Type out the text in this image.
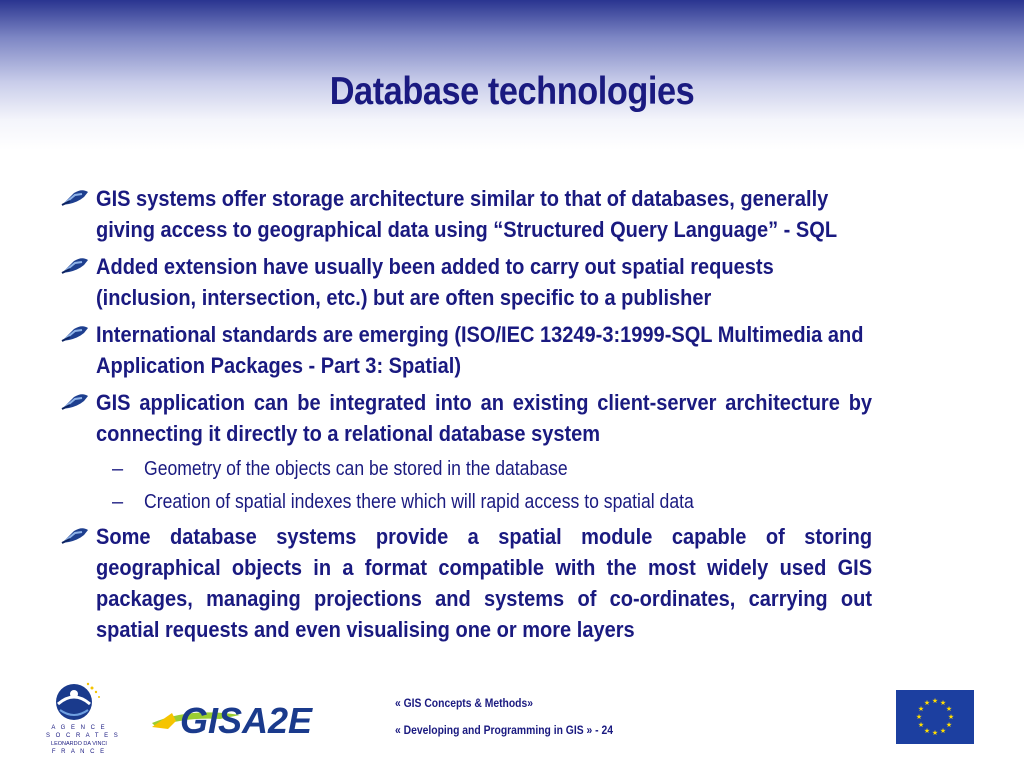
Database technologies
GIS systems offer storage architecture similar to that of databases, generally giving access to geographical data using “Structured Query Language” - SQL
Added extension have usually been added to carry out spatial requests (inclusion, intersection, etc.) but are often specific to a publisher
International standards are emerging (ISO/IEC 13249-3:1999-SQL Multimedia and Application Packages - Part 3: Spatial)
GIS application can be integrated into an existing client-server architecture by connecting it directly to a relational database system
–	Geometry of the objects can be stored in the database
–	Creation of spatial indexes there which will rapid access to spatial data
Some database systems provide a spatial module capable of storing geographical objects in a format compatible with the most widely used GIS packages, managing projections and systems of co-ordinates, carrying out spatial requests and even visualising one or more layers
A G E N C E
S O C R A T E S
LEONARDO DA VINCI
F R A N C E
GISA2E	« GIS Concepts & Methods»
« Developing and Programming in GIS » - 24
★ ★
★
★
★
★
★
★
★
★
★
★
